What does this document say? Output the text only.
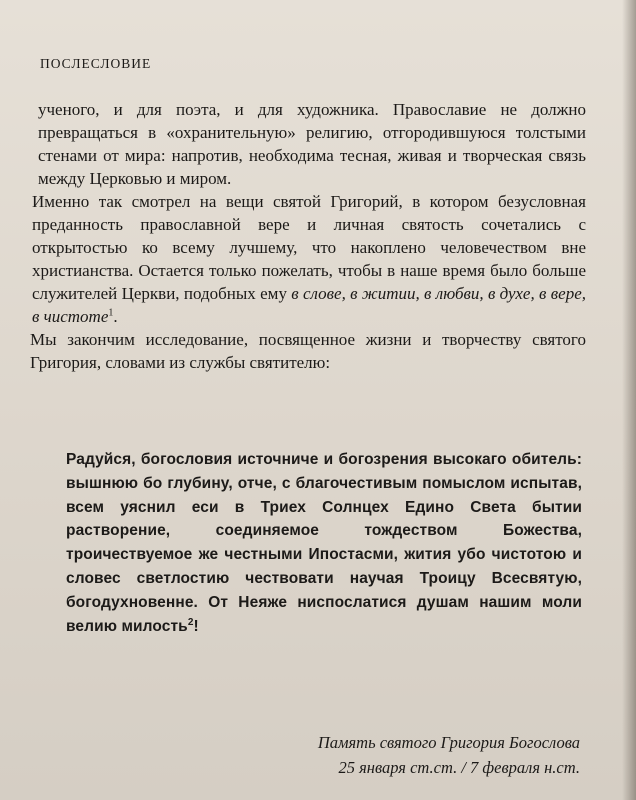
ПОСЛЕСЛОВИЕ

ученого, и для поэта, и для художника. Православие не должно превращаться в «охранительную» религию, отгородившуюся толстыми стенами от мира: напротив, необходима тесная, живая и творческая связь между Церковью и миром.

Именно так смотрел на вещи святой Григорий, в котором безусловная преданность православной вере и личная святость сочетались с открытостью ко всему лучшему, что накоплено человечеством вне христианства. Остается только пожелать, чтобы в наше время было больше служителей Церкви, подобных ему в слове, в житии, в любви, в духе, в вере, в чистоте$^1$.

Мы закончим исследование, посвященное жизни и творчеству святого Григория, словами из службы святителю:

Радуйся, богословия источниче и богозрения высокаго обитель: вышнюю бо глубину, отче, с благочестивым помыслом испытав, всем уяснил еси в Триех Солнцех Едино Света бытии растворение, соединяемое тождеством Божества, троичествуемое же честными Ипостасми, жития убо чистотою и словес светлостию чествовати научая Троицу Всесвятую, богодухновенне. От Неяже ниспослатися душам нашим моли велию милость$^2$!
Память святого Григория Богослова
25 января ст.ст. / 7 февраля н.ст.
